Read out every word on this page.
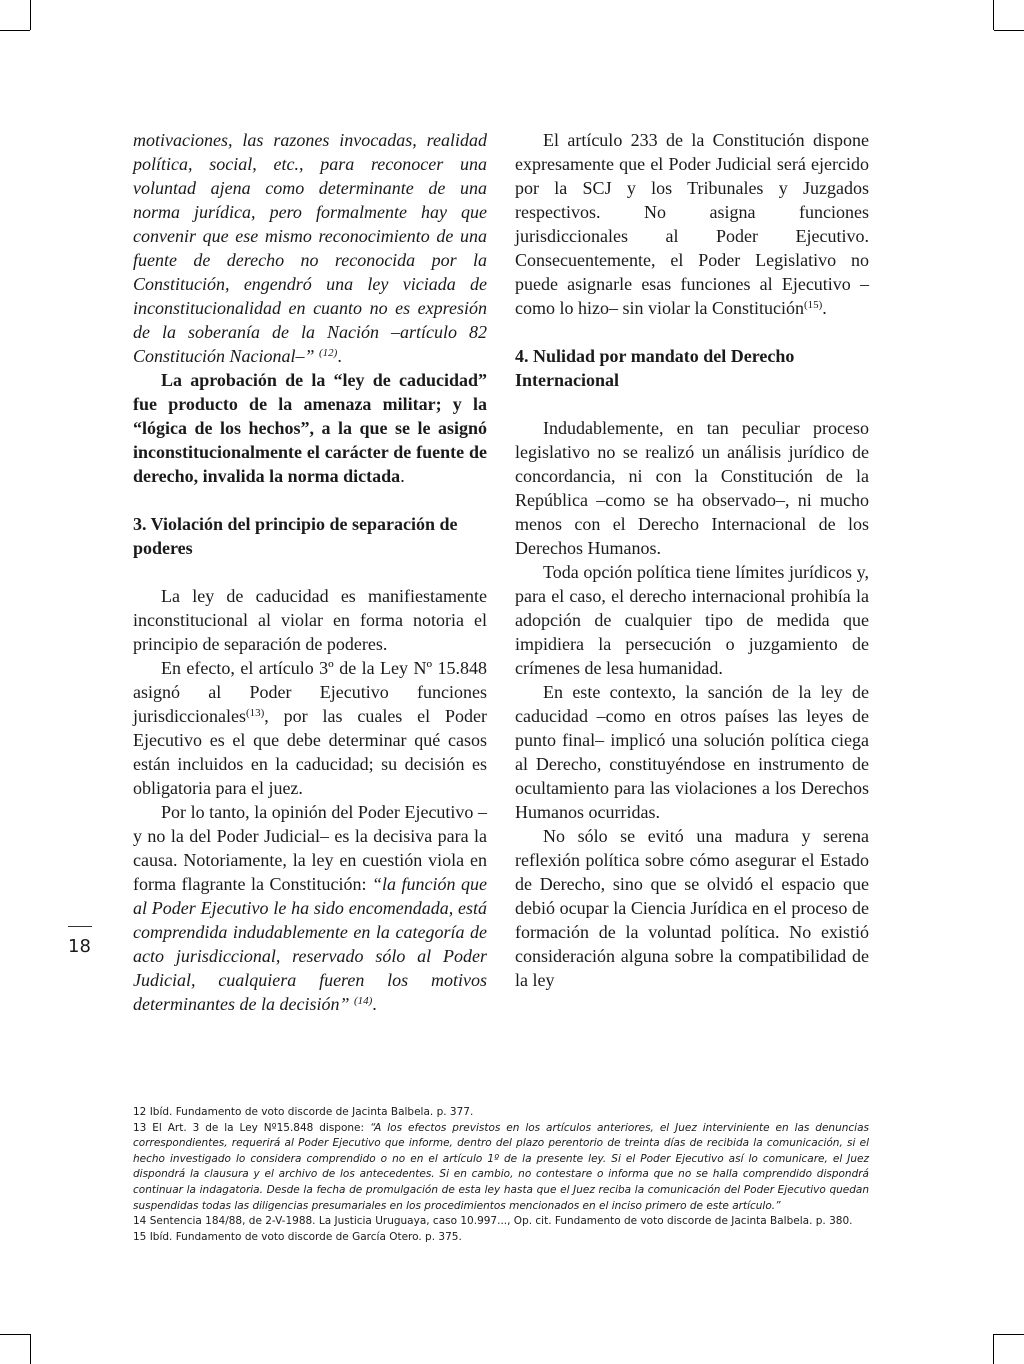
motivaciones, las razones invocadas, realidad política, social, etc., para reconocer una voluntad ajena como determinante de una norma jurídica, pero formalmente hay que convenir que ese mismo reconocimiento de una fuente de derecho no reconocida por la Constitución, engendró una ley viciada de inconstitucionalidad en cuanto no es expresión de la soberanía de la Nación –artículo 82 Constitución Nacional–” $^{(12)}$.

La aprobación de la “ley de caducidad” fue producto de la amenaza militar; y la “lógica de los hechos”, a la que se le asignó inconstitucionalmente el carácter de fuente de derecho, invalida la norma dictada.

3. Violación del principio de separación de poderes

La ley de caducidad es manifiestamente inconstitucional al violar en forma notoria el principio de separación de poderes.

En efecto, el artículo 3º de la Ley Nº 15.848 asignó al Poder Ejecutivo funciones jurisdiccionales$^{(13)}$, por las cuales el Poder Ejecutivo es el que debe determinar qué casos están incluidos en la caducidad; su decisión es obligatoria para el juez.

Por lo tanto, la opinión del Poder Ejecutivo –y no la del Poder Judicial– es la decisiva para la causa. Notoriamente, la ley en cuestión viola en forma flagrante la Constitución: “la función que al Poder Ejecutivo le ha sido encomendada, está comprendida indudablemente en la categoría de acto jurisdiccional, reservado sólo al Poder Judicial, cualquiera fueren los motivos determinantes de la decisión” $^{(14)}$.

El artículo 233 de la Constitución dispone expresamente que el Poder Judicial será ejercido por la SCJ y los Tribunales y Juzgados respectivos. No asigna funciones jurisdiccionales al Poder Ejecutivo. Consecuentemente, el Poder Legislativo no puede asignarle esas funciones al Ejecutivo –como lo hizo– sin violar la Constitución$^{(15)}$.

4. Nulidad por mandato del Derecho Internacional

Indudablemente, en tan peculiar proceso legislativo no se realizó un análisis jurídico de concordancia, ni con la Constitución de la República –como se ha observado–, ni mucho menos con el Derecho Internacional de los Derechos Humanos.

Toda opción política tiene límites jurídicos y, para el caso, el derecho internacional prohibía la adopción de cualquier tipo de medida que impidiera la persecución o juzgamiento de crímenes de lesa humanidad.

En este contexto, la sanción de la ley de caducidad –como en otros países las leyes de punto final– implicó una solución política ciega al Derecho, constituyéndose en instrumento de ocultamiento para las violaciones a los Derechos Humanos ocurridas.

No sólo se evitó una madura y serena reflexión política sobre cómo asegurar el Estado de Derecho, sino que se olvidó el espacio que debió ocupar la Ciencia Jurídica en el proceso de formación de la voluntad política. No existió consideración alguna sobre la compatibilidad de la ley

18

12 Ibíd. Fundamento de voto discorde de Jacinta Balbela. p. 377.

13 El Art. 3 de la Ley Nº15.848 dispone: “A los efectos previstos en los artículos anteriores, el Juez interviniente en las denuncias correspondientes, requerirá al Poder Ejecutivo que informe, dentro del plazo perentorio de treinta días de recibida la comunicación, si el hecho investigado lo considera comprendido o no en el artículo 1º de la presente ley. Si el Poder Ejecutivo así lo comunicare, el Juez dispondrá la clausura y el archivo de los antecedentes. Si en cambio, no contestare o informa que no se halla comprendido dispondrá continuar la indagatoria. Desde la fecha de promulgación de esta ley hasta que el Juez reciba la comunicación del Poder Ejecutivo quedan suspendidas todas las diligencias presumariales en los procedimientos mencionados en el inciso primero de este artículo.”

14 Sentencia 184/88, de 2-V-1988. La Justicia Uruguaya, caso 10.997..., Op. cit. Fundamento de voto discorde de Jacinta Balbela. p. 380.

15 Ibíd. Fundamento de voto discorde de García Otero. p. 375.
